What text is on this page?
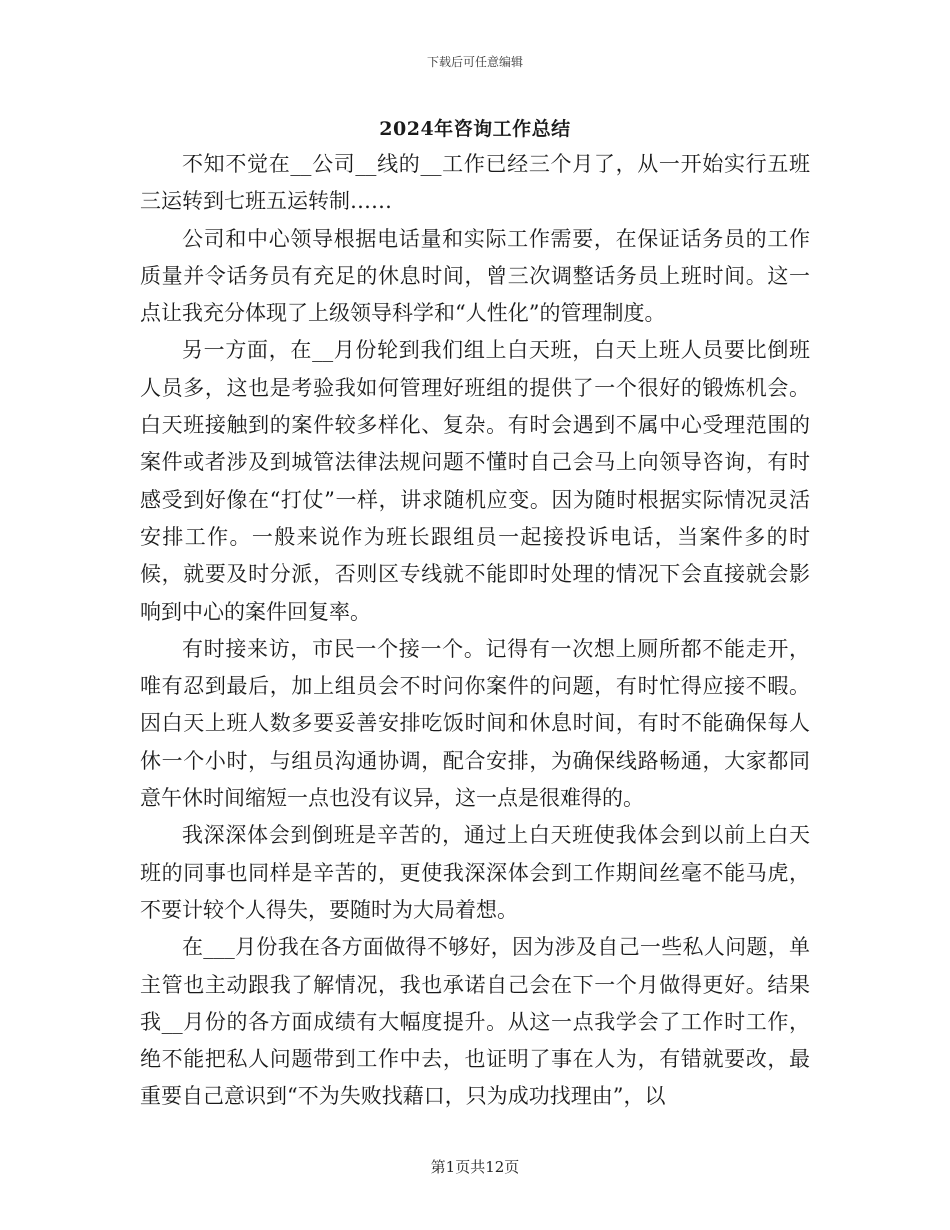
下载后可任意编辑
2024年咨询工作总结

不知不觉在__公司__线的__工作已经三个月了，从一开始实行五班三运转到七班五运转制……

公司和中心领导根据电话量和实际工作需要，在保证话务员的工作质量并令话务员有充足的休息时间，曾三次调整话务员上班时间。这一点让我充分体现了上级领导科学和“人性化”的管理制度。

另一方面，在__月份轮到我们组上白天班，白天上班人员要比倒班人员多，这也是考验我如何管理好班组的提供了一个很好的锻炼机会。白天班接触到的案件较多样化、复杂。有时会遇到不属中心受理范围的案件或者涉及到城管法律法规问题不懂时自己会马上向领导咨询，有时感受到好像在“打仗”一样，讲求随机应变。因为随时根据实际情况灵活安排工作。一般来说作为班长跟组员一起接投诉电话，当案件多的时候，就要及时分派，否则区专线就不能即时处理的情况下会直接就会影响到中心的案件回复率。

有时接来访，市民一个接一个。记得有一次想上厕所都不能走开，唯有忍到最后，加上组员会不时问你案件的问题，有时忙得应接不暇。因白天上班人数多要妥善安排吃饭时间和休息时间，有时不能确保每人休一个小时，与组员沟通协调，配合安排，为确保线路畅通，大家都同意午休时间缩短一点也没有议异，这一点是很难得的。

我深深体会到倒班是辛苦的，通过上白天班使我体会到以前上白天班的同事也同样是辛苦的，更使我深深体会到工作期间丝毫不能马虎，不要计较个人得失，要随时为大局着想。

在___月份我在各方面做得不够好，因为涉及自己一些私人问题，单主管也主动跟我了解情况，我也承诺自己会在下一个月做得更好。结果我__月份的各方面成绩有大幅度提升。从这一点我学会了工作时工作，绝不能把私人问题带到工作中去，也证明了事在人为，有错就要改，最重要自己意识到“不为失败找藉口，只为成功找理由”，以

第1页共12页
